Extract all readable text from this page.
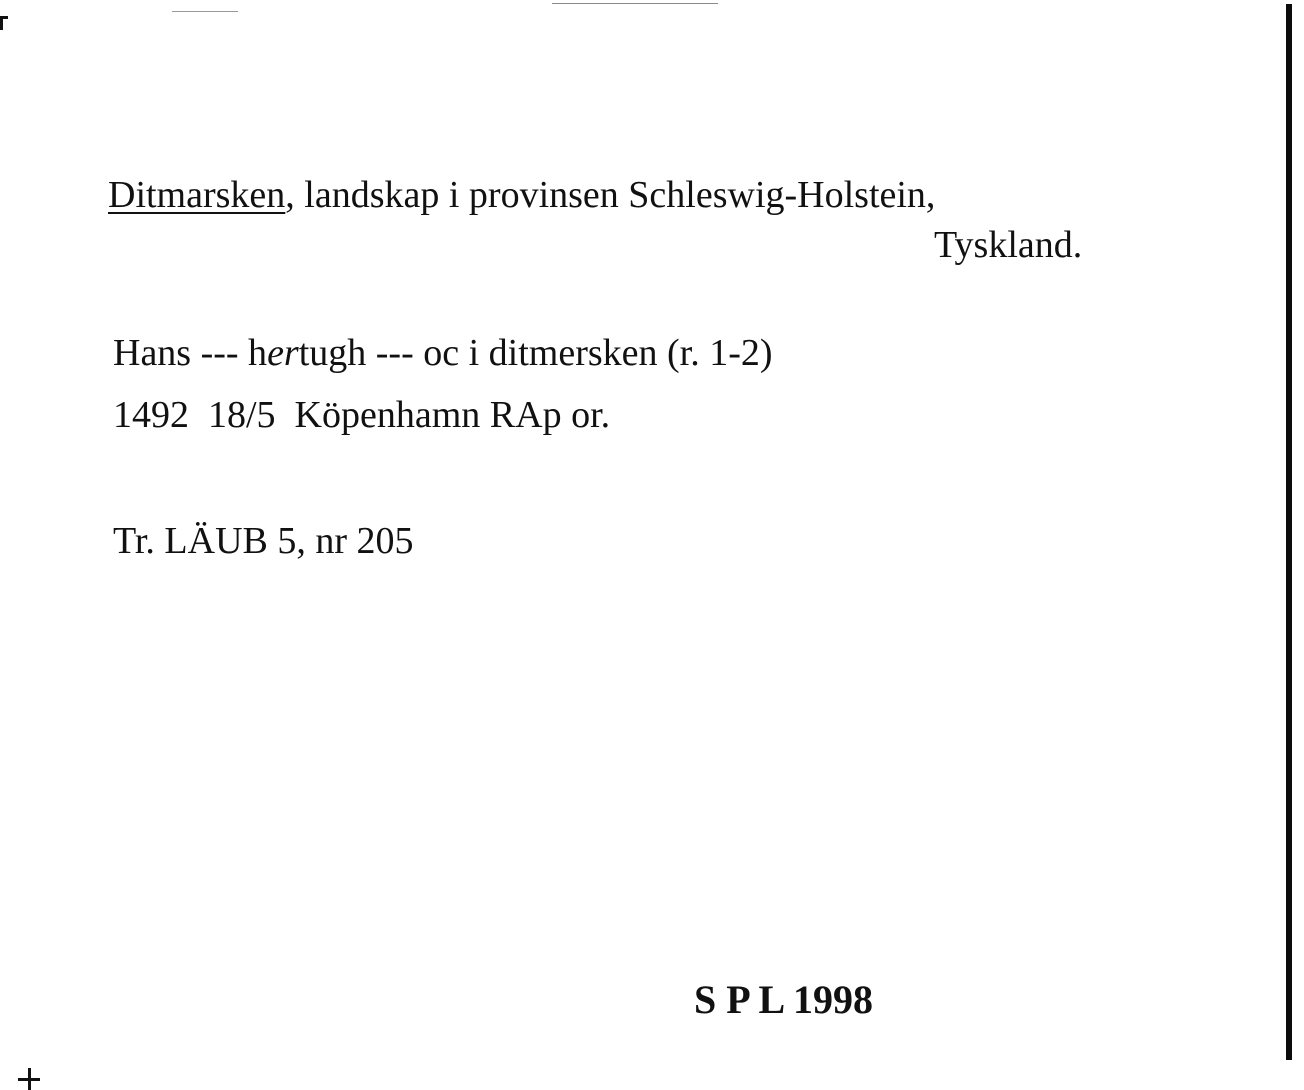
Ditmarsken, landskap i provinsen Schleswig-Holstein,
Tyskland.
Hans --- hertugh --- oc i ditmersken (r. 1-2)
1492  18/5  Köpenhamn RAp or.
Tr. LÄUB 5, nr 205
S P L 1998
